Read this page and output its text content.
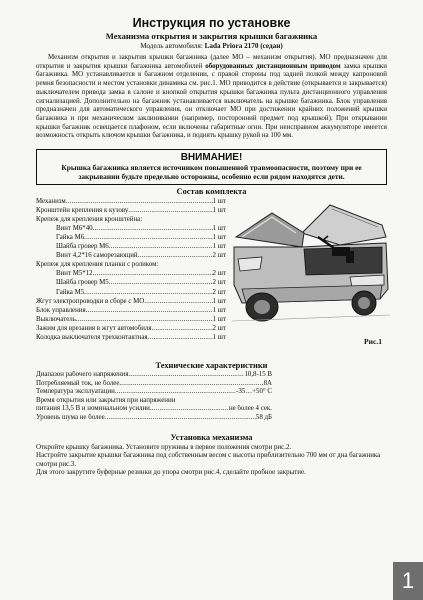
Инструкция по установке
Механизма открытия и закрытия крышки багажника
Модель автомобиля: Lada Priora 2170 (седан)
Механизм открытия и закрытия крышки багажника (далее МО – механизм открытия). МО предназначен для открытия и закрытия крышки багажника автомобилей оборудованных дистанционным приводом замка крышки багажника. МО устанавливается в багажном отделении, с правой стороны под задней полкой между капроновой ремня безопасности и местом установки динамика см. рис.1. МО приводится в действие (открывается и закрывается) выключателем привода замка в салоне и кнопкой открытия крышки багажника пульта дистанционного управления сигнализацией. Дополнительно на багажник устанавливается выключатель на крышке багажника. Блок управления предназначен для автоматического управления, он отключает МО при достижении крайних положений крышки багажника и при механическом заклинивании (например, посторонний предмет под крышкой). При открывании крышки багажник освещается плафоном, если включены габаритные огни. При неисправном аккумуляторе имеется возможность открыть ключом крышки багажника, и поднять крышку рукой на 100 мм.
ВНИМАНИЕ!
Крышка багажника является источником повышенной травмоопасности, поэтому при ее закрывании будьте предельно осторожны, особенно если рядом находятся дети.
Состав комплекта
Механизм .....	1 шт
Кронштейн крепления к кузову .....	1 шт
Крепеж для крепления кронштейна:
Винт М6*40 .....	1 шт
Гайка М6 .....	1 шт
Шайба гровер М6 .....	1 шт
Винт 4,2*16 саморезающий .....	2 шт
Крепеж для крепления планки с роликом:
Винт М5*12 .....	2 шт
Шайба гровер М5 .....	2 шт
Гайка М5 .....	2 шт
Жгут электропроводки в сборе с МО .....	1 шт
Блок управления .....	1 шт
Выключатель .....	1 шт
Зажим для врезания в жгут автомобиля .....	2 шт
Колодка выключателя трехконтактная .....	1 шт	Рис.1
Технические характеристики
Диапазон рабочего напряжения .....	10,8-15 В
Потребляемый ток, не более .....	8А
Температура эксплуатации .....	-35…+50° С
Время открытия или закрытия при напряжении
питания 13,5 В и номинальном усилии .....	не более 4 сек.
Уровень шума не более .....	58 дБ
Установка механизма

Откройте крышку багажника. Установите пружины в первое положения смотри рис.2.

Настройте закрытие крышки багажника под собственным весом с высоты приблизительно 700 мм от дна багажника смотри рис.3.

Для этого закрутите буферные резинки до упора смотри рис.4, сделайте пробное закрытие.

1
